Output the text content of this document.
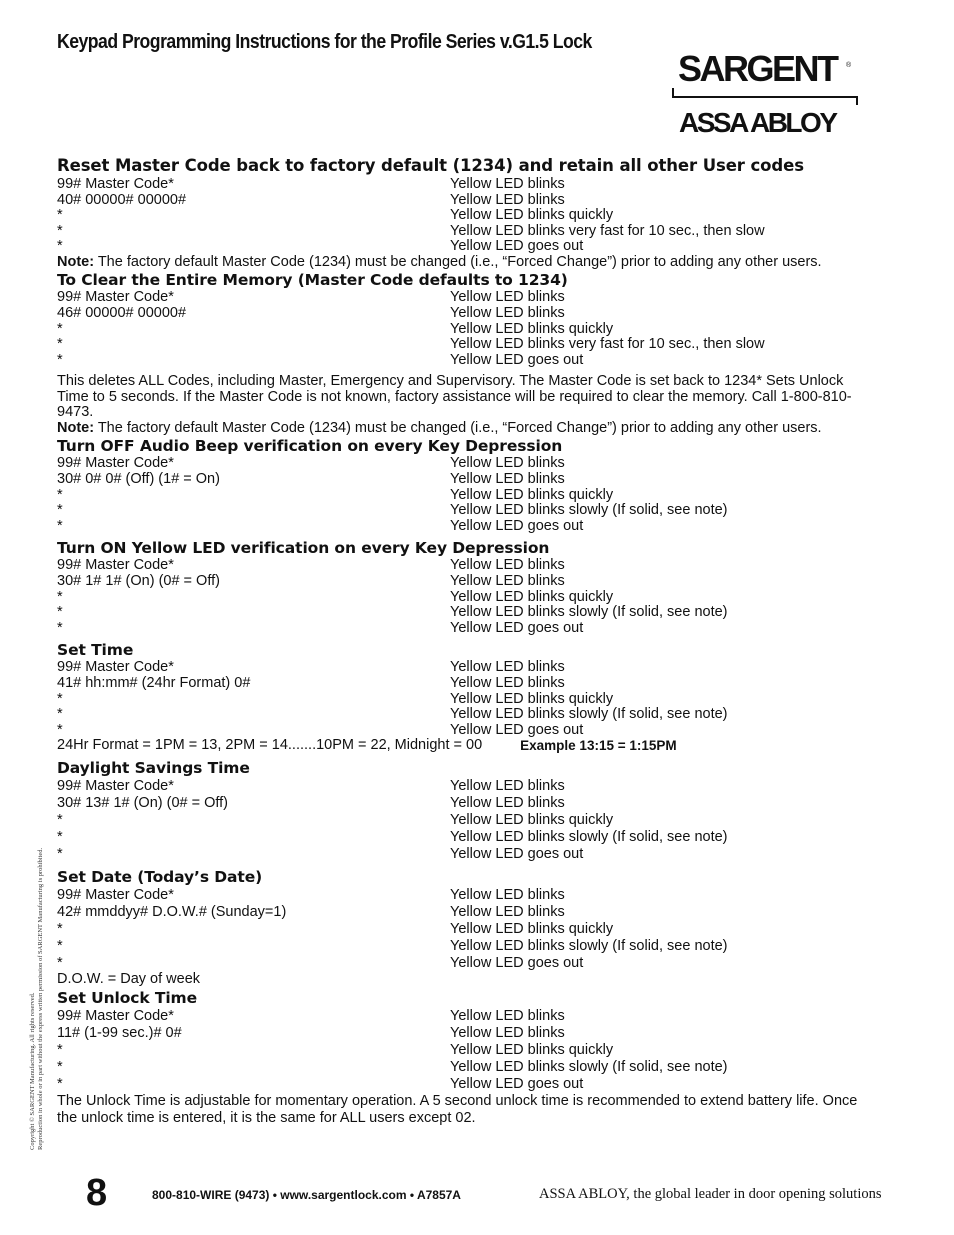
Keypad Programming Instructions for the Profile Series v.G1.5 Lock
SARGENT ®
ASSA ABLOY
Reset Master Code back to factory default (1234) and retain all other User codes
99# Master Code*	Yellow LED blinks
40# 00000# 00000#	Yellow LED blinks
*	Yellow LED blinks quickly
*	Yellow LED blinks very fast for 10 sec., then slow
*	Yellow LED goes out
Note: The factory default Master Code (1234) must be changed (i.e., “Forced Change”) prior to adding any other users.
To Clear the Entire Memory (Master Code defaults to 1234)
99# Master Code*	Yellow LED blinks
46# 00000# 00000#	Yellow LED blinks
*	Yellow LED blinks quickly
*	Yellow LED blinks very fast for 10 sec., then slow
*	Yellow LED goes out
This deletes ALL Codes, including Master, Emergency and Supervisory. The Master Code is set back to 1234* Sets Unlock Time to 5 seconds. If the Master Code is not known, factory assistance will be required to clear the memory. Call 1-800-810-9473.
Note: The factory default Master Code (1234) must be changed (i.e., “Forced Change”) prior to adding any other users.
Turn OFF Audio Beep verification on every Key Depression
99# Master Code*	Yellow LED blinks
30# 0# 0# (Off) (1# = On)	Yellow LED blinks
*	Yellow LED blinks quickly
*	Yellow LED blinks slowly (If solid, see note)
*	Yellow LED goes out
Turn ON Yellow LED verification on every Key Depression
99# Master Code*	Yellow LED blinks
30# 1# 1# (On) (0# = Off)	Yellow LED blinks
*	Yellow LED blinks quickly
*	Yellow LED blinks slowly (If solid, see note)
*	Yellow LED goes out
Set Time
99# Master Code*	Yellow LED blinks
41# hh:mm# (24hr Format) 0#	Yellow LED blinks
*	Yellow LED blinks quickly
*	Yellow LED blinks slowly (If solid, see note)
*	Yellow LED goes out
24Hr Format = 1PM = 13, 2PM = 14.......10PM = 22, Midnight = 00	Example 13:15 = 1:15PM
Daylight Savings Time
99# Master Code*	Yellow LED blinks
30# 13# 1# (On) (0# = Off)	Yellow LED blinks
*	Yellow LED blinks quickly
*	Yellow LED blinks slowly (If solid, see note)
*	Yellow LED goes out
Set Date (Today’s Date)
99# Master Code*	Yellow LED blinks
42# mmddyy# D.O.W.# (Sunday=1)	Yellow LED blinks
*	Yellow LED blinks quickly
*	Yellow LED blinks slowly (If solid, see note)
*	Yellow LED goes out
D.O.W. = Day of week
Set Unlock Time
99# Master Code*	Yellow LED blinks
11# (1-99 sec.)# 0#	Yellow LED blinks
*	Yellow LED blinks quickly
*	Yellow LED blinks slowly (If solid, see note)
*	Yellow LED goes out
The Unlock Time is adjustable for momentary operation. A 5 second unlock time is recommended to extend battery life. Once the unlock time is entered, it is the same for ALL users except 02.
Copyright © SARGENT Manufacturing. All rights reserved. Reproduction in whole or in part without the express written permission of SARGENT Manufacturing is prohibited.
8	800-810-WIRE (9473) • www.sargentlock.com • A7857A	ASSA ABLOY, the global leader in door opening solutions
